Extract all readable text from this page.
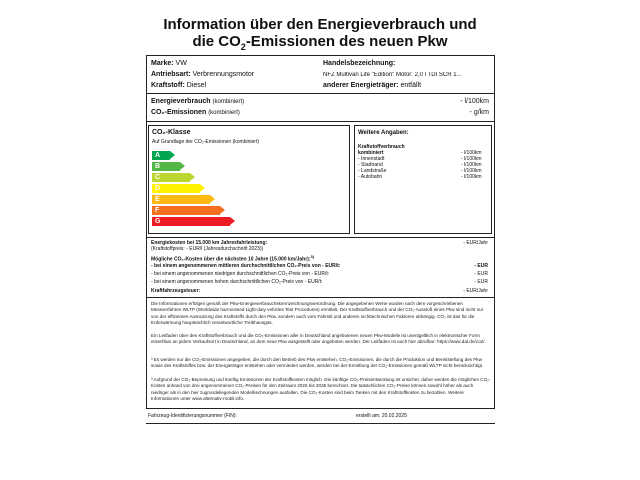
Information über den Energieverbrauch und
die $CO_2$-Emissionen des neuen Pkw
Marke: VW
Antriebsart: Verbrennungsmotor
Kraftstoff: Diesel
Handelsbezeichnung:
NFZ Multivan Life "Edition" Motor: 2,0 l TDI SCR 1...
anderer Energieträger: entfällt
Energieverbrauch (kombiniert)	- l/100km
CO₂-Emissionen (kombiniert)	- g/km
CO₂-Klasse
Auf Grundlage der CO₂-Emissionen (kombiniert)
A
B
C
D
E
F
G
Weitere Angaben:
Kraftstoffverbrauch
kombiniert	- l/100km
- Innenstadt	- l/100km
- Stadtrand	- l/100km
- Landstraße	- l/100km
- Autobahn	- l/100km
Energiekosten bei 15.000 km Jahresfahrleistung:
(Kraftstoffpreis: - EUR/l (Jahresdurchschnitt 2023))
- EUR/Jahr
Mögliche CO₂-Kosten über die nächsten 10 Jahre (15.000 km/Jahr):$^{3)}$
- bei einem angenommenen mittleren durchschnittlichen CO₂-Preis von - EUR/t:	- EUR
- bei einem angenommenen niedrigen durchschnittlichen CO₂-Preis von - EUR/t:	- EUR
- bei einem angenommenen hohen durchschnittlichen CO₂-Preis von - EUR/t:	- EUR
Kraftfahrzeugsteuer:	- EUR/Jahr
Die Informationen erfolgen gemäß der Pkw-Energieverbrauchskennzeichnungsverordnung. Die angegebenen Werte wurden nach dem vorgeschriebenen Messverfahren WLTP (Worldwide harmonised Light-duty vehicles Test Procedures) ermittelt. Der Kraftstoffverbrauch und der CO₂-Ausstoß eines Pkw sind nicht nur von der effizienten Ausnutzung des Kraftstoffs durch den Pkw, sondern auch vom Fahrstil und anderen nichttechnischen Faktoren abhängig. CO₂ ist das für die Erderwärmung hauptsächlich verantwortliche Treibhausgas.
Ein Leitfaden über den Kraftstoffverbrauch und die CO₂-Emissionen aller in Deutschland angebotenen neuen Pkw-Modelle ist unentgeltlich in elektronischer Form einsehbar an jedem Verkaufsort in Deutschland, an dem neue Pkw ausgestellt oder angeboten werden. Der Leitfaden ist auch hier abrufbar: https://www.dat.de/co2/.
³ Es werden nur die CO₂-Emissionen angegeben, die durch den Betrieb des Pkw entstehen. CO₂-Emissionen, die durch die Produktion und Bereitstellung des Pkw sowie des Kraftstoffes bzw. der Energieträger entstehen oder vermieden werden, werden bei der Ermittlung der CO₂-Emissionen gemäß WLTP nicht berücksichtigt.
³ Aufgrund der CO₂-Bepreisung und künftig Emissionen der Kraftstoffkosten möglich. Die künftige CO₂-Preisentwicklung ist unsicher, daher werden die möglichen CO₂-Kosten anhand von drei angenommenen CO₂-Preisen für den Zeitraum 2026 bis 2035 berechnet. Die tatsächlichen CO₂-Preise können sowohl höher als auch niedriger als in den hier zugrundeliegenden Modellrechnungen ausfallen. Die CO₂-Kosten sind beim Tanken mit den Kraftstoffkosten zu bezahlen. Weitere Informationen unter www.alternativ-mobil.info.
Fahrzeug-Identifizierungsnummer (FIN):	erstellt am: 20.02.2025
